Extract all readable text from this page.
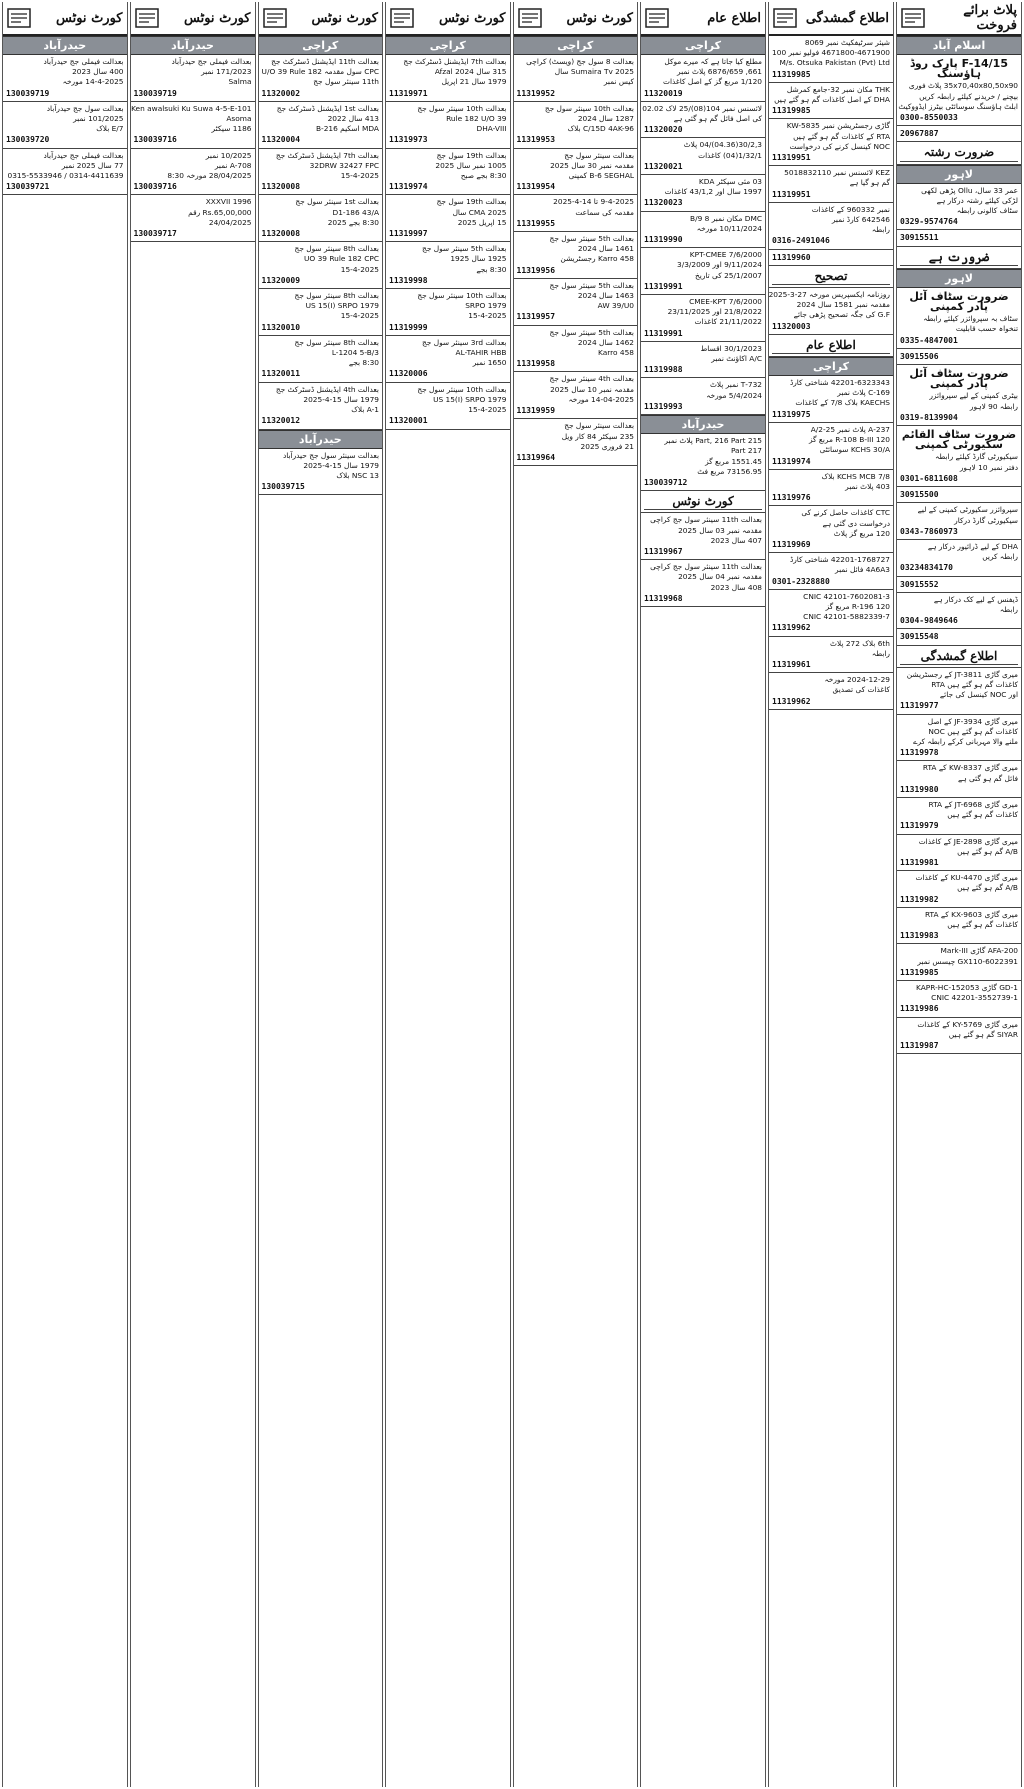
کورٹ نوٹس
حیدرآباد
بعدالت فیملی جج حیدرآباد
400 سال 2023
14-4-2025 مورخہ
130039719
بعدالت سول جج حیدرآباد
101/2025 نمبر
E/7 بلاک
130039720
بعدالت فیملی جج حیدرآباد
77 سال 2025 نمبر
0314-4411639 / 0315-5533946
130039721
کورٹ نوٹس
حیدرآباد
بعدالت فیملی جج حیدرآباد
171/2023 نمبر
Salma
130039719
Ken awalsuki Ku Suwa 4-5-E-101
Asoma
1186 سیکٹر
130039716
10/2025 نمبر
A-708 نمبر
28/04/2025 مورخہ 8:30
130039716
XXXVII 1996
Rs.65,00,000 رقم
24/04/2025
130039717
کورٹ نوٹس
کراچی
بعدالت 11th ایڈیشنل ڈسٹرکٹ جج
CPC سول مقدمہ U/O 39 Rule 182
11th سینئر سول جج
11320002
بعدالت 1st ایڈیشنل ڈسٹرکٹ جج
413 سال 2022
MDA اسکیم 216-B
11320004
بعدالت 7th ایڈیشنل ڈسٹرکٹ جج
32DRW 32427 FPC
15-4-2025
11320008
بعدالت 1st سینئر سول جج
D1-186 43/A
8:30 بجے 2025
11320008
بعدالت 8th سینئر سول جج
UO 39 Rule 182 CPC
15-4-2025
11320009
بعدالت 8th سینئر سول جج
US 15(I) SRPO 1979
15-4-2025
11320010
بعدالت 8th سینئر سول جج
L-1204 5-B/3
8:30 بجے
11320011
بعدالت 4th ایڈیشنل ڈسٹرکٹ جج
1979 سال 15-4-2025
A-1 بلاک
11320012
حیدرآباد
بعدالت سینئر سول جج حیدرآباد
1979 سال 15-4-2025
NSC 13 بلاک
130039715
کورٹ نوٹس
کراچی
بعدالت 7th ایڈیشنل ڈسٹرکٹ جج
315 سال 2024 Afzal
1979 سال 21 اپریل
11319971
بعدالت 10th سینئر سول جج
Rule 182 U/O 39
DHA-VIII
11319973
بعدالت 19th سول جج
1005 نمبر سال 2025
8:30 بجے صبح
11319974
بعدالت 19th سول جج
CMA 2025 سال
15 اپریل 2025
11319997
بعدالت 5th سینئر سول جج
1925 سال 1925
8:30 بجے
11319998
بعدالت 10th سینئر سول جج
1979 SRPO
15-4-2025
11319999
بعدالت 3rd سینئر سول جج
AL-TAHIR HBB
1650 نمبر
11320006
بعدالت 10th سینئر سول جج
US 15(I) SRPO 1979
15-4-2025
11320001
کورٹ نوٹس
کراچی
بعدالت 8 سول جج (ویسٹ) کراچی
Sumaira Tv 2025 سال
کیس نمبر
11319952
بعدالت 10th سینئر سول جج
1287 سال 2024
C/15D 4AK-96 بلاک
11319953
بعدالت سینئر سول جج
مقدمہ نمبر 30 سال 2025
B-6 SEGHAL کمپنی
11319954
9-4-2025 تا 14-4-2025
مقدمہ کی سماعت
11319955
بعدالت 5th سینئر سول جج
1461 سال 2024
Karro 458 رجسٹریشن
11319956
بعدالت 5th سینئر سول جج
1463 سال 2024
AW 39/U0
11319957
بعدالت 5th سینئر سول جج
1462 سال 2024
Karro 458
11319958
بعدالت 4th سینئر سول جج
مقدمہ نمبر 10 سال 2025
14-04-2025 مورخہ
11319959
بعدالت سینئر سول جج
235 سیکٹر 84 کار ویل
21 فروری 2025
11319964
اطلاع عام
کراچی
مطلع کیا جاتا ہے کہ میرے موکل
661, 6876/659 پلاٹ نمبر
1/120 مربع گز کے اصل کاغذات
11320019
لائسنس نمبر 104(08)/25 لاک 02.02
کی اصل فائل گم ہو گئی ہے
11320020
30/2,3(04.36)/04 پلاٹ
1/32/1(04) کاغذات
11320021
03 مئی سیکٹر KDA
1997 سال اور 43/1,2 کاغذات
11320023
DMC مکان نمبر 8 B/9
10/11/2024 مورخہ
11319990
KPT-CMEE 7/6/2000
9/11/2024 اور 3/3/2009
25/1/2007 کی تاریخ
11319991
CMEE-KPT 7/6/2000
21/8/2022 اور 23/11/2025
21/11/2022 کاغذات
11319991
30/1/2023 اقساط
A/C اکاؤنٹ نمبر
11319988
732-T نمبر پلاٹ
5/4/2024 مورخہ
11319993
حیدرآباد
215 Part, 216 Part پلاٹ نمبر
217 Part
1551.45 مربع گز
73156.95 مربع فٹ
130039712
کورٹ نوٹس
بعدالت 11th سینئر سول جج کراچی
مقدمہ نمبر 03 سال 2025
407 سال 2023
11319967
بعدالت 11th سینئر سول جج کراچی
مقدمہ نمبر 04 سال 2025
408 سال 2023
11319968
اطلاع گمشدگی
شیئر سرٹیفکیٹ نمبر 8069
4671800-4671900 فولیو نمبر 100
M/s. Otsuka Pakistan (Pvt) Ltd
11319985
THK مکان نمبر 32-جامع کمرشل
DHA کے اصل کاغذات گم ہو گئے ہیں
11319985
گاڑی رجسٹریشن نمبر KW-5835
RTA کے کاغذات گم ہو گئے ہیں
NOC کینسل کرنے کی درخواست
11319951
KEZ لائسنس نمبر 5018832110
گم ہو گیا ہے
11319951
نمبر 960332 کے کاغذات
642546 کارڈ نمبر
رابطہ
0316-2491046
11319960
تصحیح
روزنامہ ایکسپریس مورخہ 27-3-2025
مقدمہ نمبر 1581 سال 2024
G.F کی جگہ تصحیح پڑھی جائے
11320003
اطلاع عام
کراچی
42201-6323343 شناختی کارڈ
C-169 پلاٹ نمبر
KAECHS بلاک 7/8 کے کاغذات
11319975
237-A پلاٹ نمبر 25-A/2
R-108 B-III 120 مربع گز
KCHS 30/A سوسائٹی
11319974
KCHS MCB 7/8 بلاک
403 پلاٹ نمبر
11319976
CTC کاغذات حاصل کرنے کی
درخواست دی گئی ہے
120 مربع گز پلاٹ
11319969
42201-1768727 شناختی کارڈ
4A6A3 فائل نمبر
0301-2328880
CNIC 42101-7602081-3
R-196 120 مربع گز
CNIC 42101-5882339-7
11319962
6th بلاک 272 پلاٹ
رابطہ
11319961
2024-12-29 مورخہ
کاغذات کی تصدیق
11319962
پلاٹ برائے فروخت
اسلام آباد
F-14/15 پارک روڈ ہاؤسنگ
35x70,40x80,50x90 پلاٹ فوری
بیچنے / خریدنے کیلئے رابطہ کریں
ابلٹ ہاؤسنگ سوسائٹی بیٹرز ایڈووکیٹ
0300-8550033
20967887
ضرورت رشتہ
لاہور
عمر 33 سال، Ollu پڑھی لکھی
لڑکی کیلئے رشتہ درکار ہے
سٹاف کالونی رابطہ
0329-9574764
30915511
ضرورت ہے
لاہور
ضرورت سٹاف آئل پادر کمپنی
سٹاف بہ سپروائزر کیلئے رابطہ
تنخواہ حسب قابلیت
0335-4847001
30915506
ضرورت سٹاف آئل پادر کمپنی
بیٹری کمپنی کے لیے سپروائزر
رابطہ 90 لاہور
0319-8139904
ضرورت سٹاف القائم سکیورٹی کمپنی
سیکیورٹی گارڈ کیلئے رابطہ
دفتر نمبر 10 لاہور
0301-6811608
30915500
سپروائزر سکیورٹی کمپنی کے لیے
سیکیورٹی گارڈ درکار
0343-7860973
DHA کے لیے ڈرائیور درکار ہے
رابطہ کریں
03234834170
30915552
ڈیفنس کے لیے کک درکار ہے
رابطہ
0304-9849646
30915548
اطلاع گمشدگی
میری گاڑی JT-3811 کے رجسٹریشن
کاغذات گم ہو گئے ہیں RTA
اور NOC کینسل کی جائے
11319977
میری گاڑی JF-3934 کے اصل
کاغذات گم ہو گئے ہیں NOC
ملنے والا مہربانی کرکے رابطہ کرے
11319978
میری گاڑی KW-8337 کے RTA
فائل گم ہو گئی ہے
11319980
میری گاڑی JT-6968 کے RTA
کاغذات گم ہو گئے ہیں
11319979
میری گاڑی JE-2898 کے کاغذات
A/B گم ہو گئے ہیں
11319981
میری گاڑی KU-4470 کے کاغذات
A/B گم ہو گئے ہیں
11319982
میری گاڑی KX-9603 کے RTA
کاغذات گم ہو گئے ہیں
11319983
AFA-200 گاڑی Mark-III
GX110-6022391 چیسس نمبر
11319985
GD-1 گاڑی KAPR-HC-152053
CNIC 42201-3552739-1
11319986
میری گاڑی KY-5769 کے کاغذات
SIYAR گم ہو گئے ہیں
11319987
